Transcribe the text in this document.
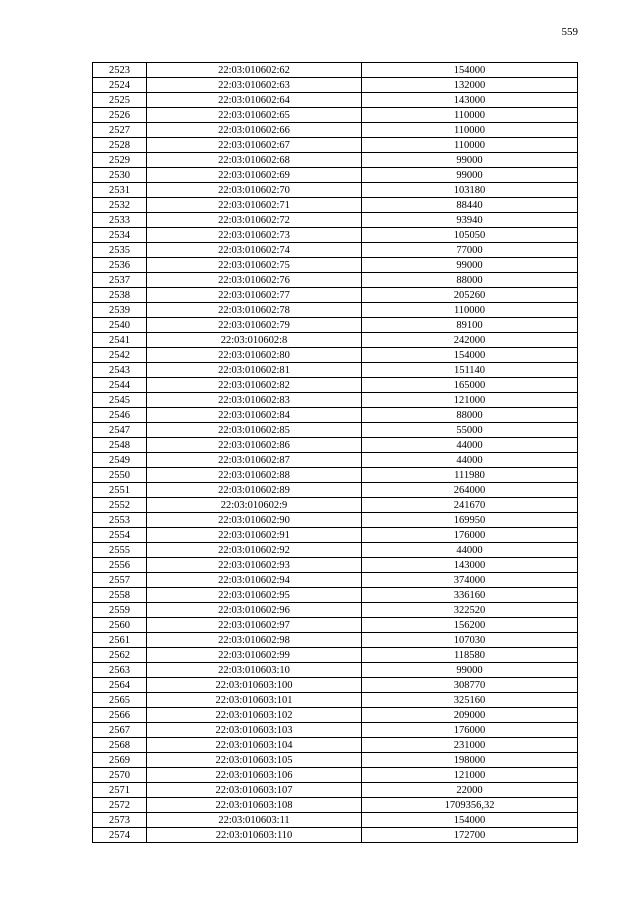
559
2523	22:03:010602:62	154000
2524	22:03:010602:63	132000
2525	22:03:010602:64	143000
2526	22:03:010602:65	110000
2527	22:03:010602:66	110000
2528	22:03:010602:67	110000
2529	22:03:010602:68	99000
2530	22:03:010602:69	99000
2531	22:03:010602:70	103180
2532	22:03:010602:71	88440
2533	22:03:010602:72	93940
2534	22:03:010602:73	105050
2535	22:03:010602:74	77000
2536	22:03:010602:75	99000
2537	22:03:010602:76	88000
2538	22:03:010602:77	205260
2539	22:03:010602:78	110000
2540	22:03:010602:79	89100
2541	22:03:010602:8	242000
2542	22:03:010602:80	154000
2543	22:03:010602:81	151140
2544	22:03:010602:82	165000
2545	22:03:010602:83	121000
2546	22:03:010602:84	88000
2547	22:03:010602:85	55000
2548	22:03:010602:86	44000
2549	22:03:010602:87	44000
2550	22:03:010602:88	111980
2551	22:03:010602:89	264000
2552	22:03:010602:9	241670
2553	22:03:010602:90	169950
2554	22:03:010602:91	176000
2555	22:03:010602:92	44000
2556	22:03:010602:93	143000
2557	22:03:010602:94	374000
2558	22:03:010602:95	336160
2559	22:03:010602:96	322520
2560	22:03:010602:97	156200
2561	22:03:010602:98	107030
2562	22:03:010602:99	118580
2563	22:03:010603:10	99000
2564	22:03:010603:100	308770
2565	22:03:010603:101	325160
2566	22:03:010603:102	209000
2567	22:03:010603:103	176000
2568	22:03:010603:104	231000
2569	22:03:010603:105	198000
2570	22:03:010603:106	121000
2571	22:03:010603:107	22000
2572	22:03:010603:108	1709356,32
2573	22:03:010603:11	154000
2574	22:03:010603:110	172700
